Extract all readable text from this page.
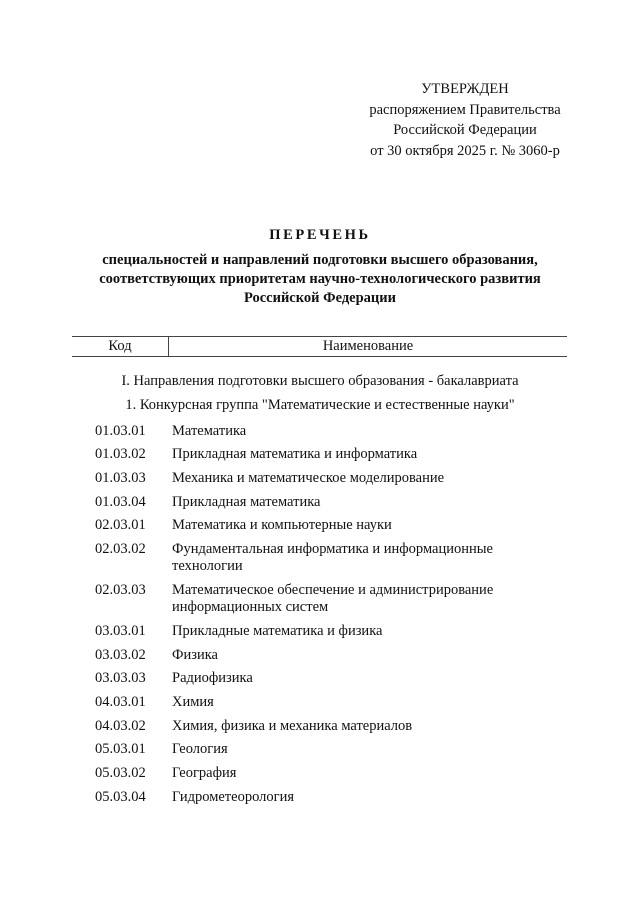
УТВЕРЖДЕН
распоряжением Правительства
Российской Федерации
от 30 октября 2025 г. № 3060-р
ПЕРЕЧЕНЬ
специальностей и направлений подготовки высшего образования,
соответствующих приоритетам научно-технологического развития
Российской Федерации
Код	Наименование
I. Направления подготовки высшего образования - бакалавриата
1. Конкурсная группа "Математические и естественные науки"
01.03.01 Математика
01.03.02 Прикладная математика и информатика
01.03.03 Механика и математическое моделирование
01.03.04 Прикладная математика
02.03.01 Математика и компьютерные науки
02.03.02 Фундаментальная информатика и информационные технологии
02.03.03 Математическое обеспечение и администрирование информационных систем
03.03.01 Прикладные математика и физика
03.03.02 Физика
03.03.03 Радиофизика
04.03.01 Химия
04.03.02 Химия, физика и механика материалов
05.03.01 Геология
05.03.02 География
05.03.04 Гидрометеорология
